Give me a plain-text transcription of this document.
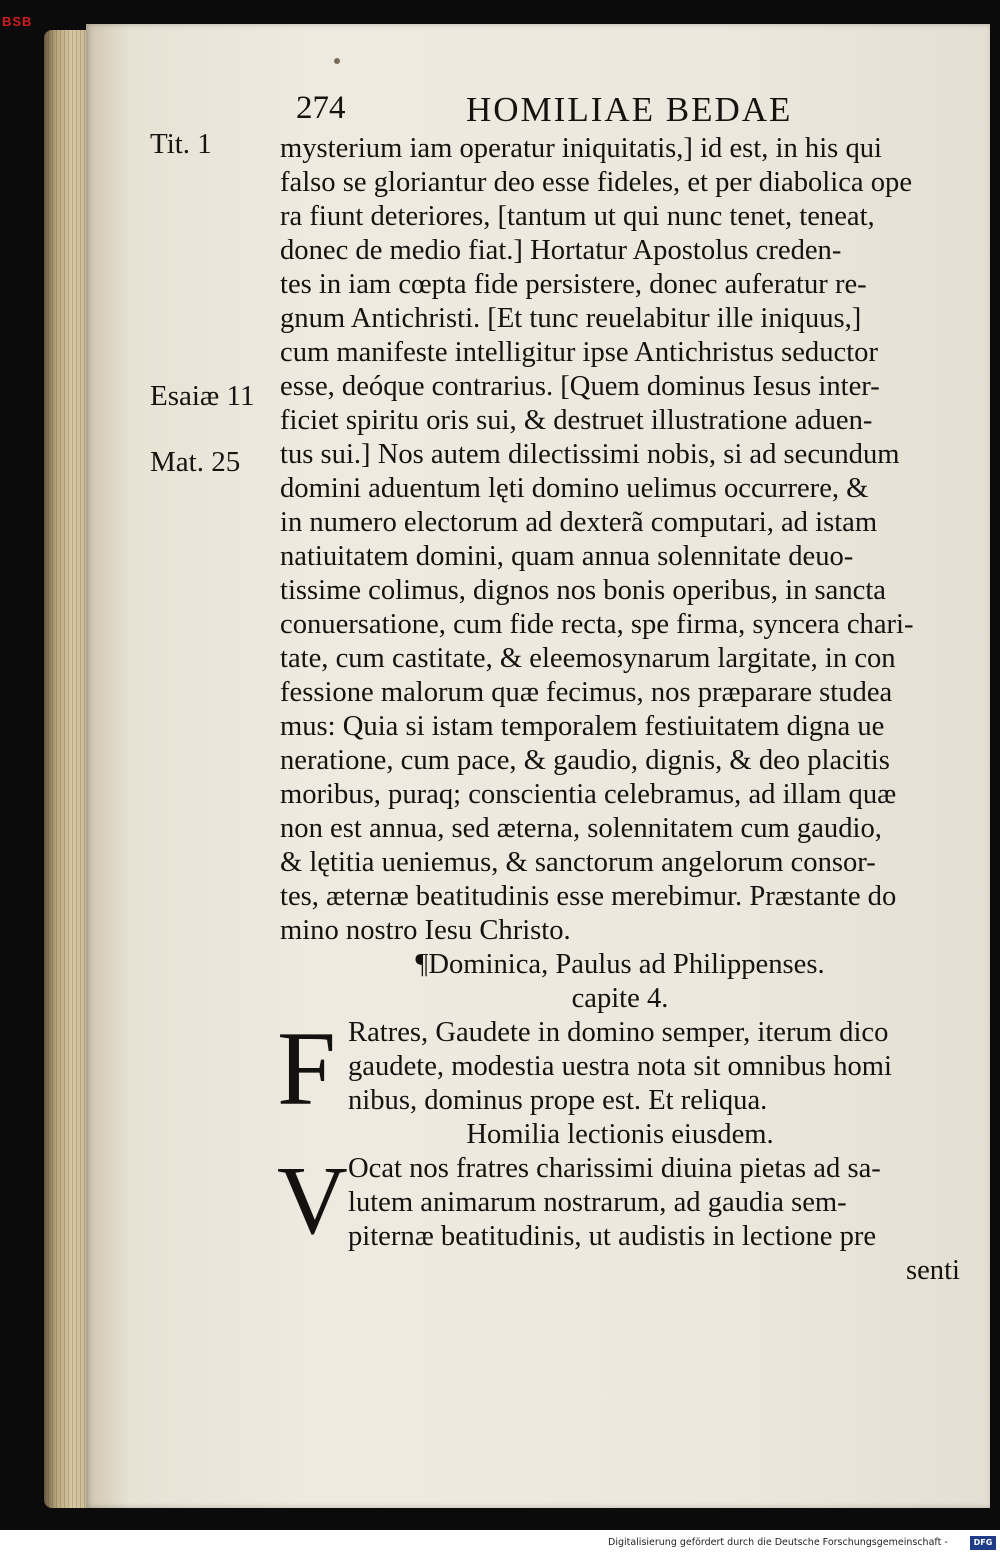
BSB
274	HOMILIAE BEDAE
Tit. 1
Esaiæ 11
Mat. 25
mysterium iam operatur iniquitatis,] id est, in his qui
falso se gloriantur deo esse fideles, et per diabolica ope
ra fiunt deteriores, [tantum ut qui nunc tenet, teneat,
donec de medio fiat.] Hortatur Apostolus creden-
tes in iam cœpta fide persistere, donec auferatur re-
gnum Antichristi. [Et tunc reuelabitur ille iniquus,]
cum manifeste intelligitur ipse Antichristus seductor
esse, deóque contrarius. [Quem dominus Iesus inter-
ficiet spiritu oris sui, & destruet illustratione aduen-
tus sui.] Nos autem dilectissimi nobis, si ad secundum
domini aduentum lęti domino uelimus occurrere, &
in numero electorum ad dexterã computari, ad istam
natiuitatem domini, quam annua solennitate deuo-
tissime colimus, dignos nos bonis operibus, in sancta
conuersatione, cum fide recta, spe firma, syncera chari-
tate, cum castitate, & eleemosynarum largitate, in con
fessione malorum quæ fecimus, nos præparare studea
mus: Quia si istam temporalem festiuitatem digna ue
neratione, cum pace, & gaudio, dignis, & deo placitis
moribus, puraq; conscientia celebramus, ad illam quæ
non est annua, sed æterna, solennitatem cum gaudio,
& lętitia ueniemus, & sanctorum angelorum consor-
tes, æternæ beatitudinis esse merebimur. Præstante do
mino nostro Iesu Christo.
¶Dominica, Paulus ad Philippenses.
capite 4.
F Ratres, Gaudete in domino semper, iterum dico
gaudete, modestia uestra nota sit omnibus homi
nibus, dominus prope est. Et reliqua.
Homilia lectionis eiusdem.
V Ocat nos fratres charissimi diuina pietas ad sa-
lutem animarum nostrarum, ad gaudia sem-
piternæ beatitudinis, ut audistis in lectione pre
senti
Digitalisierung gefördert durch die Deutsche Forschungsgemeinschaft -	DFG
